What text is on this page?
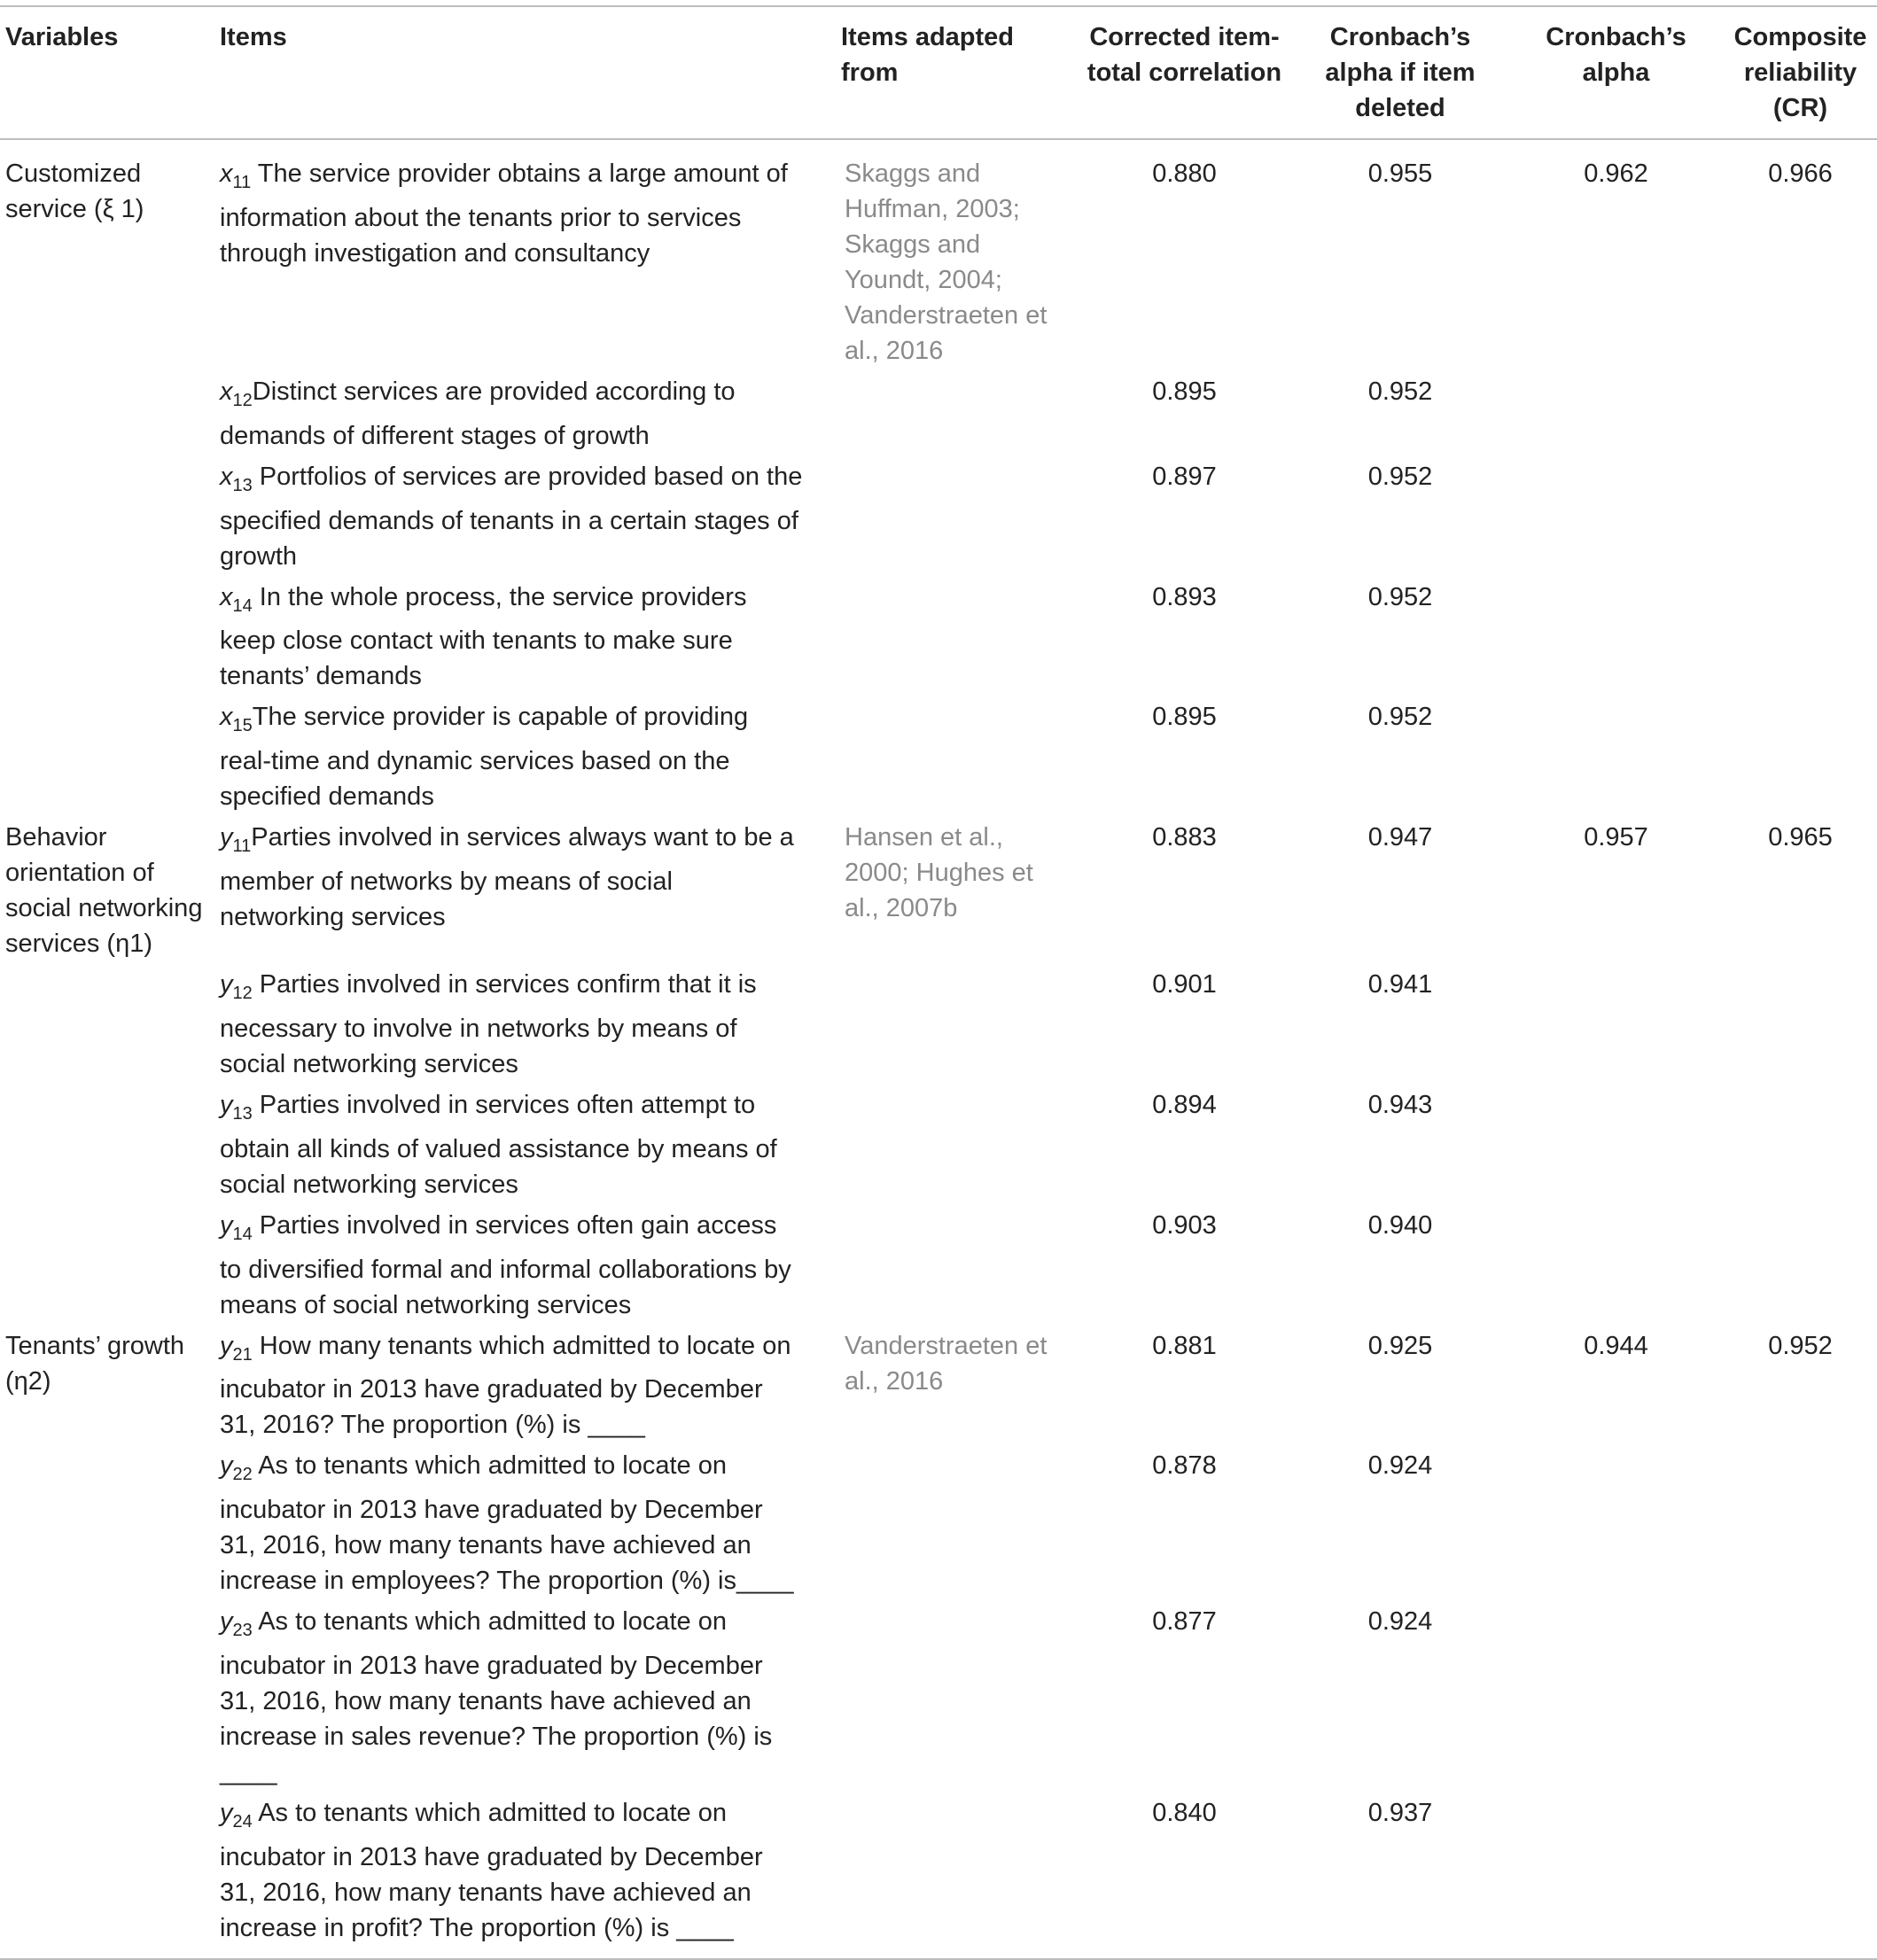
Variables	Items	Items adapted from	Corrected item-total correlation	Cronbach’s alpha if item deleted	Cronbach’s alpha	Composite reliability (CR)
Customized service (ξ 1)	$x_{11}$ The service provider obtains a large amount of information about the tenants prior to services through investigation and consultancy	Skaggs and Huffman, 2003; Skaggs and Youndt, 2004; Vanderstraeten et al., 2016	0.880	0.955	0.962	0.966
	$x_{12}Distinct$ services are provided according to demands of different stages of growth		0.895	0.952		
	$x_{13}$ Portfolios of services are provided based on the specified demands of tenants in a certain stages of growth		0.897	0.952		
	$x_{14}$ In the whole process, the service providers keep close contact with tenants to make sure tenants’ demands		0.893	0.952		
	$x_{15}The$ service provider is capable of providing real-time and dynamic services based on the specified demands		0.895	0.952		
Behavior orientation of social networking services (η1)	$y_{11}Parties$ involved in services always want to be a member of networks by means of social networking services	Hansen et al., 2000; Hughes et al., 2007b	0.883	0.947	0.957	0.965
	$y_{12}$ Parties involved in services confirm that it is necessary to involve in networks by means of social networking services		0.901	0.941		
	$y_{13}$ Parties involved in services often attempt to obtain all kinds of valued assistance by means of social networking services		0.894	0.943		
	$y_{14}$ Parties involved in services often gain access to diversified formal and informal collaborations by means of social networking services		0.903	0.940		
Tenants’ growth (η2)	$y_{21}$ How many tenants which admitted to locate on incubator in 2013 have graduated by December 31, 2016? The proportion (%) is ____	Vanderstraeten et al., 2016	0.881	0.925	0.944	0.952
	$y_{22}$ As to tenants which admitted to locate on incubator in 2013 have graduated by December 31, 2016, how many tenants have achieved an increase in employees? The proportion (%) is____		0.878	0.924		
	$y_{23}$ As to tenants which admitted to locate on incubator in 2013 have graduated by December 31, 2016, how many tenants have achieved an increase in sales revenue? The proportion (%) is ____		0.877	0.924		
	$y_{24}$ As to tenants which admitted to locate on incubator in 2013 have graduated by December 31, 2016, how many tenants have achieved an increase in profit? The proportion (%) is ____		0.840	0.937		
